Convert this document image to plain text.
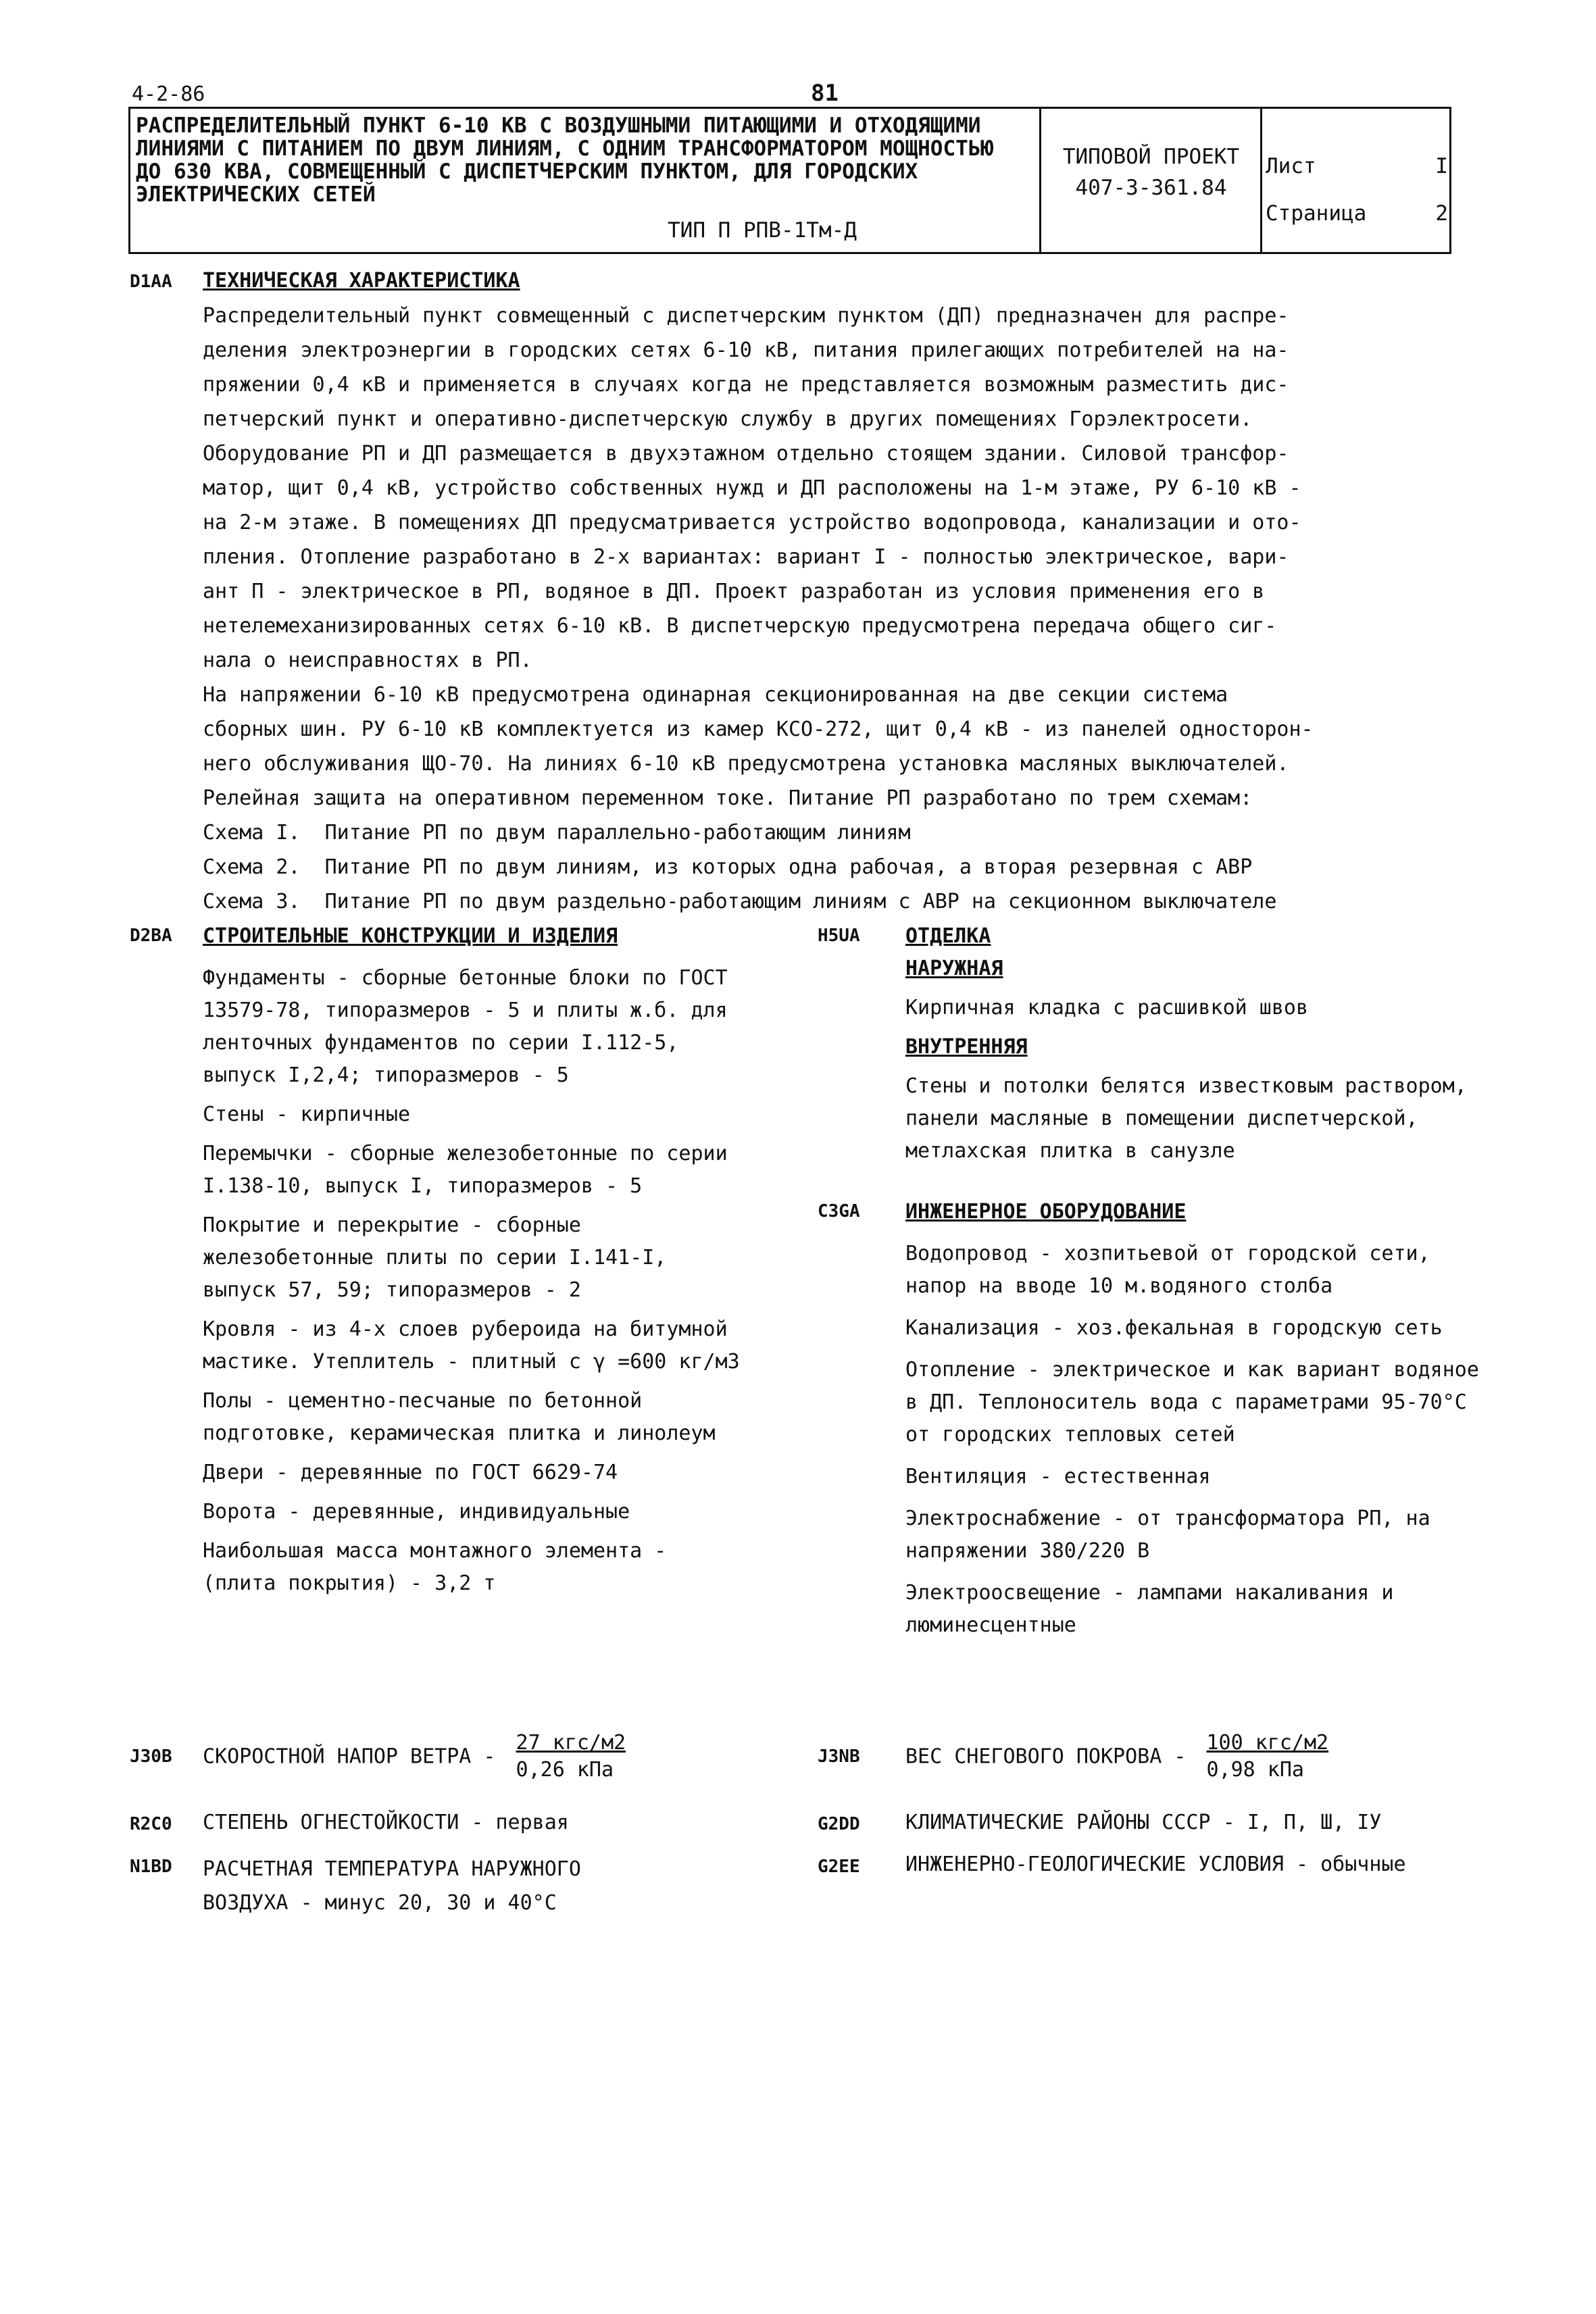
4-2-86	81
РАСПРЕДЕЛИТЕЛЬНЫЙ ПУНКТ 6-10 КВ С ВОЗДУШНЫМИ ПИТАЮЩИМИ И ОТХОДЯЩИМИ ЛИНИЯМИ С ПИТАНИЕМ ПО ДВУМ ЛИНИЯМ, С ОДНИМ ТРАНСФОРМАТОРОМ МОЩНОСТЬЮ ДО 630 КВА, СОВМЕЩЕННЫЙ С ДИСПЕТЧЕРСКИМ ПУНКТОМ, ДЛЯ ГОРОДСКИХ ЭЛЕКТРИЧЕСКИХ СЕТЕЙ
ТИП П РПВ-1Тм-Д
ТИПОВОЙ ПРОЕКТ
407-3-361.84
Лист	I
Страница	2
D1AA ТЕХНИЧЕСКАЯ ХАРАКТЕРИСТИКА
Распределительный пункт совмещенный с диспетчерским пунктом (ДП) предназначен для распре-
деления электроэнергии в городских сетях 6-10 кВ, питания прилегающих потребителей на на-
пряжении 0,4 кВ и применяется в случаях когда не представляется возможным разместить дис-
петчерский пункт и оперативно-диспетчерскую службу в других помещениях Горэлектросети.
Оборудование РП и ДП размещается в двухэтажном отдельно стоящем здании. Силовой трансфор-
матор, щит 0,4 кВ, устройство собственных нужд и ДП расположены на 1-м этаже, РУ 6-10 кВ -
на 2-м этаже. В помещениях ДП предусматривается устройство водопровода, канализации и ото-
пления. Отопление разработано в 2-х вариантах: вариант I - полностью электрическое, вари-
ант П - электрическое в РП, водяное в ДП. Проект разработан из условия применения его в
нетелемеханизированных сетях 6-10 кВ. В диспетчерскую предусмотрена передача общего сиг-
нала о неисправностях в РП.
На напряжении 6-10 кВ предусмотрена одинарная секционированная на две секции система
сборных шин. РУ 6-10 кВ комплектуется из камер КСО-272, щит 0,4 кВ - из панелей односторон-
него обслуживания ЩО-70. На линиях 6-10 кВ предусмотрена установка масляных выключателей.
Релейная защита на оперативном переменном токе. Питание РП разработано по трем схемам:
Схема I.  Питание РП по двум параллельно-работающим линиям
Схема 2.  Питание РП по двум линиям, из которых одна рабочая, а вторая резервная с АВР
Схема 3.  Питание РП по двум раздельно-работающим линиям с АВР на секционном выключателе
D2BA СТРОИТЕЛЬНЫЕ КОНСТРУКЦИИ И ИЗДЕЛИЯ
Фундаменты - сборные бетонные блоки по ГОСТ 13579-78, типоразмеров - 5 и плиты ж.б. для ленточных фундаментов по серии I.112-5, выпуск I,2,4; типоразмеров - 5
Стены - кирпичные
Перемычки - сборные железобетонные по серии I.138-10, выпуск I, типоразмеров - 5
Покрытие и перекрытие - сборные железобетонные плиты по серии I.141-I, выпуск 57, 59; типоразмеров - 2
Кровля - из 4-х слоев рубероида на битумной мастике. Утеплитель - плитный с γ =600 кг/м3
Полы - цементно-песчаные по бетонной подготовке, керамическая плитка и линолеум
Двери - деревянные по ГОСТ 6629-74
Ворота - деревянные, индивидуальные
Наибольшая масса монтажного элемента - (плита покрытия) - 3,2 т
H5UA ОТДЕЛКА
НАРУЖНАЯ
Кирпичная кладка с расшивкой швов
ВНУТРЕННЯЯ
Стены и потолки белятся известковым раствором, панели масляные в помещении диспетчерской, метлахская плитка в санузле
C3GA ИНЖЕНЕРНОЕ ОБОРУДОВАНИЕ
Водопровод - хозпитьевой от городской сети, напор на вводе 10 м.водяного столба
Канализация - хоз.фекальная в городскую сеть
Отопление - электрическое и как вариант водяное в ДП. Теплоноситель вода с параметрами 95-70°С от городских тепловых сетей
Вентиляция - естественная
Электроснабжение - от трансформатора РП, на напряжении 380/220 В
Электроосвещение - лампами накаливания и люминесцентные
J30B СКОРОСТНОЙ НАПОР ВЕТРА - $\frac{\text{27 кгс/м2}}{\text{0,26 кПа}}$	J3NB ВЕС СНЕГОВОГО ПОКРОВА - $\frac{\text{100 кгс/м2}}{\text{0,98 кПа}}$
R2C0 СТЕПЕНЬ ОГНЕСТОЙКОСТИ - первая	G2DD КЛИМАТИЧЕСКИЕ РАЙОНЫ СССР - I, П, Ш, IУ
N1BD РАСЧЕТНАЯ ТЕМПЕРАТУРА НАРУЖНОГО
ВОЗДУХА - минус 20, 30 и 40°С
G2EE ИНЖЕНЕРНО-ГЕОЛОГИЧЕСКИЕ УСЛОВИЯ - обычные
